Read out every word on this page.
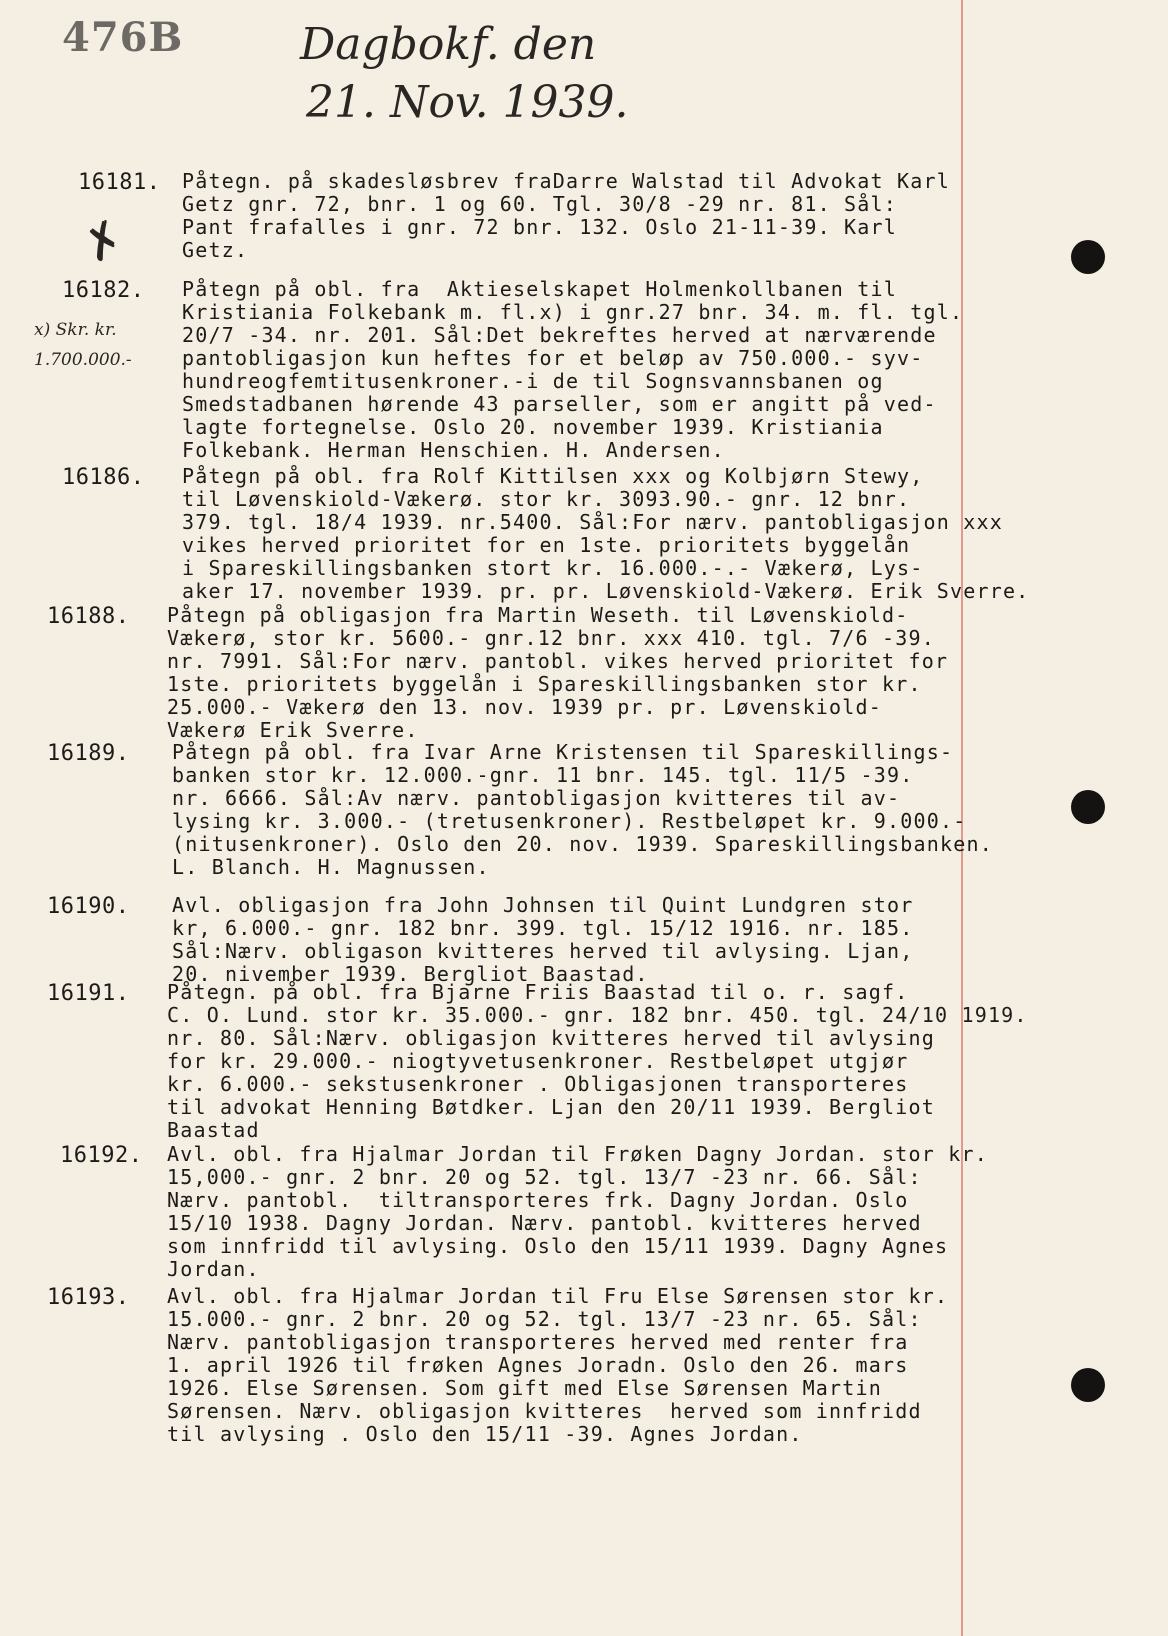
476B	Dagbokf. den
21. Nov. 1939.
✗
x) Skr. kr.
1.700.000.-
16181. Påtegn. på skadesløsbrev fraDarre Walstad til Advokat Karl
Getz gnr. 72, bnr. 1 og 60. Tgl. 30/8 -29 nr. 81. Sål:
Pant frafalles i gnr. 72 bnr. 132. Oslo 21-11-39. Karl
Getz.
16182. Påtegn på obl. fra  Aktieselskapet Holmenkollbanen til
Kristiania Folkebank m. fl.x) i gnr.27 bnr. 34. m. fl. tgl.
20/7 -34. nr. 201. Sål:Det bekreftes herved at nærværende
pantobligasjon kun heftes for et beløp av 750.000.- syv-
hundreogfemtitusenkroner.-i de til Sognsvannsbanen og
Smedstadbanen hørende 43 parseller, som er angitt på ved-
lagte fortegnelse. Oslo 20. november 1939. Kristiania
Folkebank. Herman Henschien. H. Andersen.
16186. Påtegn på obl. fra Rolf Kittilsen xxx og Kolbjørn Stewy,
til Løvenskiold-Vækerø. stor kr. 3093.90.- gnr. 12 bnr.
379. tgl. 18/4 1939. nr.5400. Sål:For nærv. pantobligasjon xxx
vikes herved prioritet for en 1ste. prioritets byggelån
i Spareskillingsbanken stort kr. 16.000.-.- Vækerø, Lys-
aker 17. november 1939. pr. pr. Løvenskiold-Vækerø. Erik Sverre.
16188. Påtegn på obligasjon fra Martin Weseth. til Løvenskiold-
Vækerø, stor kr. 5600.- gnr.12 bnr. xxx 410. tgl. 7/6 -39.
nr. 7991. Sål:For nærv. pantobl. vikes herved prioritet for
1ste. prioritets byggelån i Spareskillingsbanken stor kr.
25.000.- Vækerø den 13. nov. 1939 pr. pr. Løvenskiold-
Vækerø Erik Sverre.
16189. Påtegn på obl. fra Ivar Arne Kristensen til Spareskillings-
banken stor kr. 12.000.-gnr. 11 bnr. 145. tgl. 11/5 -39.
nr. 6666. Sål:Av nærv. pantobligasjon kvitteres til av-
lysing kr. 3.000.- (tretusenkroner). Restbeløpet kr. 9.000.-
(nitusenkroner). Oslo den 20. nov. 1939. Spareskillingsbanken.
L. Blanch. H. Magnussen.
16190. Avl. obligasjon fra John Johnsen til Quint Lundgren stor
kr, 6.000.- gnr. 182 bnr. 399. tgl. 15/12 1916. nr. 185.
Sål:Nærv. obligason kvitteres herved til avlysing. Ljan,
20. nivember 1939. Bergliot Baastad.
16191. Påtegn. på obl. fra Bjarne Friis Baastad til o. r. sagf.
C. O. Lund. stor kr. 35.000.- gnr. 182 bnr. 450. tgl. 24/10 1919.
nr. 80. Sål:Nærv. obligasjon kvitteres herved til avlysing
for kr. 29.000.- niogtyvetusenkroner. Restbeløpet utgjør
kr. 6.000.- sekstusenkroner . Obligasjonen transporteres
til advokat Henning Bøtdker. Ljan den 20/11 1939. Bergliot
Baastad
16192. Avl. obl. fra Hjalmar Jordan til Frøken Dagny Jordan. stor kr.
15,000.- gnr. 2 bnr. 20 og 52. tgl. 13/7 -23 nr. 66. Sål:
Nærv. pantobl.  tiltransporteres frk. Dagny Jordan. Oslo
15/10 1938. Dagny Jordan. Nærv. pantobl. kvitteres herved
som innfridd til avlysing. Oslo den 15/11 1939. Dagny Agnes
Jordan.
16193. Avl. obl. fra Hjalmar Jordan til Fru Else Sørensen stor kr.
15.000.- gnr. 2 bnr. 20 og 52. tgl. 13/7 -23 nr. 65. Sål:
Nærv. pantobligasjon transporteres herved med renter fra
1. april 1926 til frøken Agnes Joradn. Oslo den 26. mars
1926. Else Sørensen. Som gift med Else Sørensen Martin
Sørensen. Nærv. obligasjon kvitteres  herved som innfridd
til avlysing . Oslo den 15/11 -39. Agnes Jordan.
